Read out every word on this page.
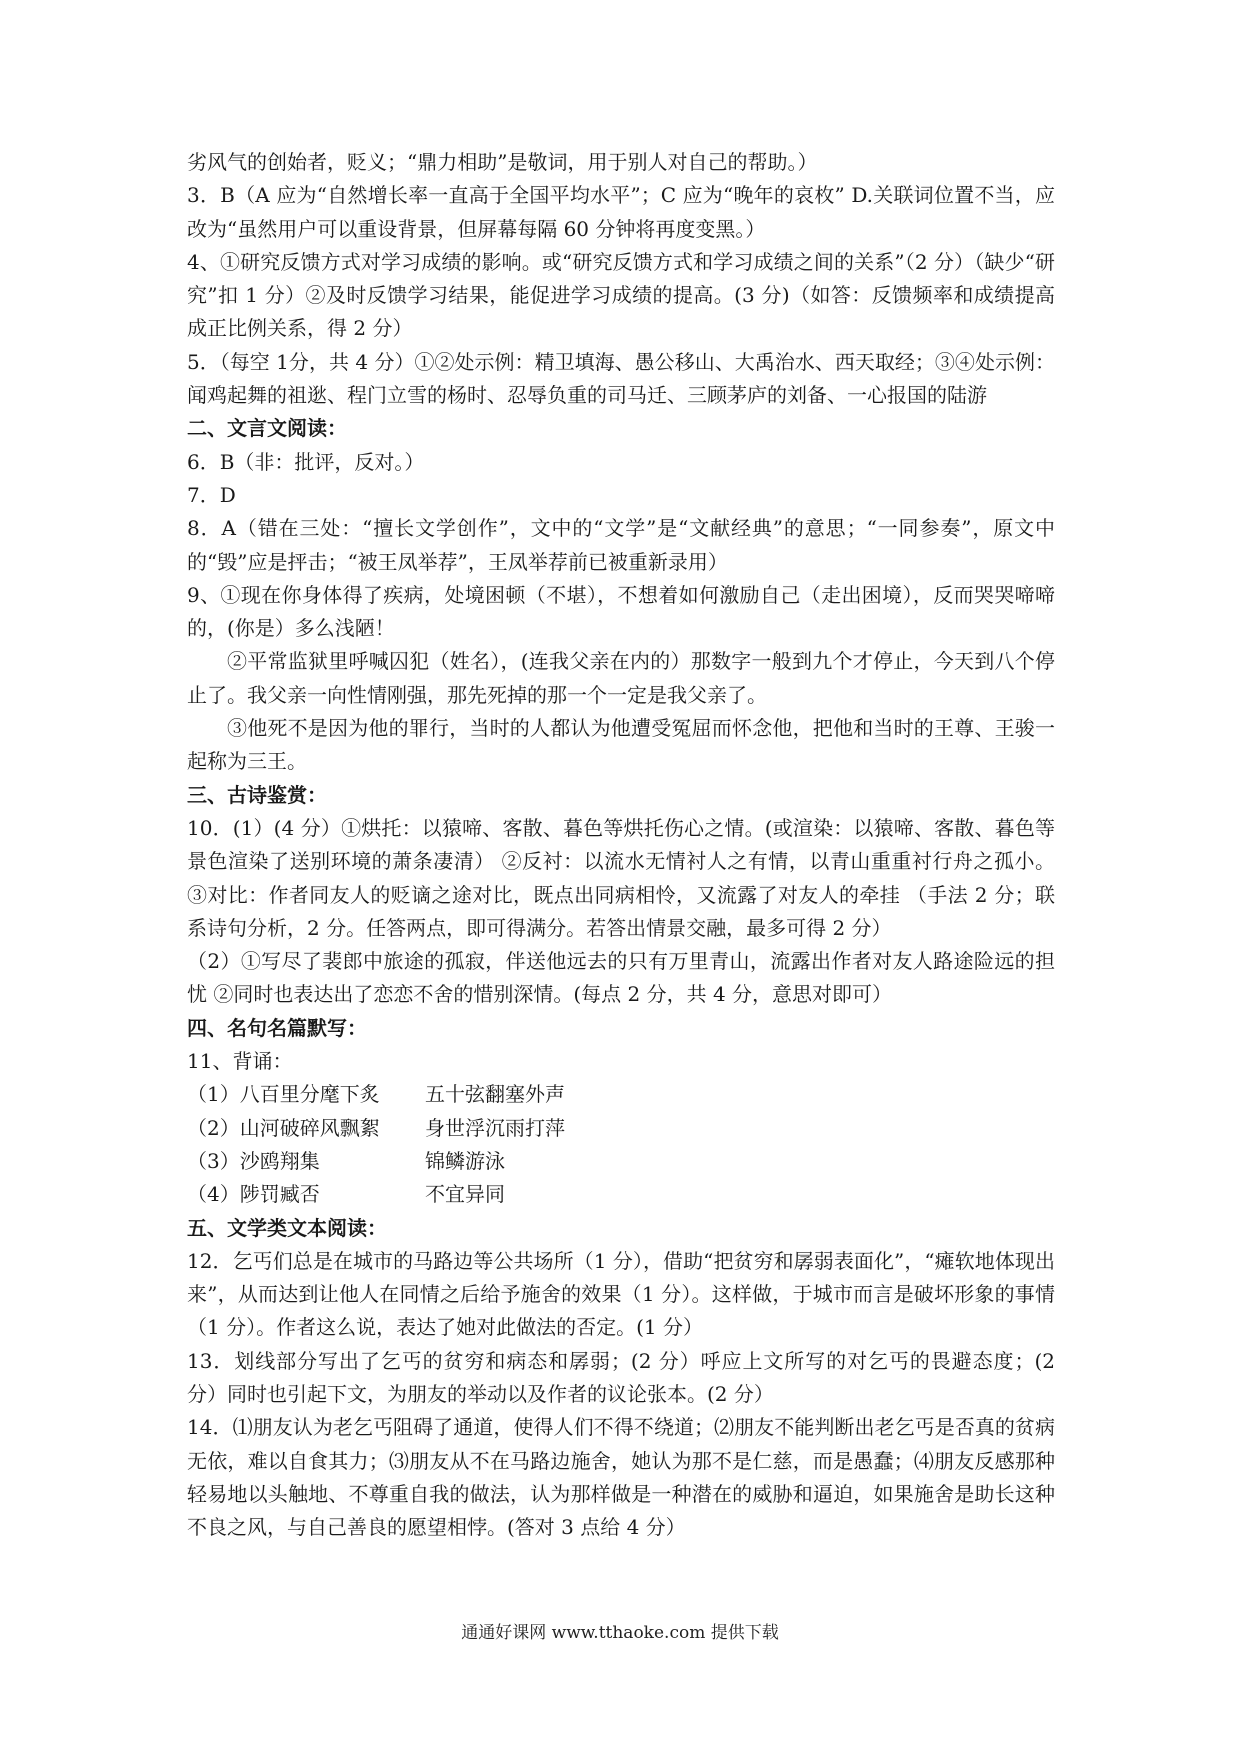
劣风气的创始者，贬义；“鼎力相助”是敬词，用于别人对自己的帮助。）

3．B（A 应为“自然增长率一直高于全国平均水平”；C 应为“晚年的哀枚” D.关联词位置不当，应改为“虽然用户可以重设背景，但屏幕每隔 60 分钟将再度变黑。）

4、①研究反馈方式对学习成绩的影响。或“研究反馈方式和学习成绩之间的关系”（2 分）（缺少“研究”扣 1 分）②及时反馈学习结果，能促进学习成绩的提高。(3 分)（如答：反馈频率和成绩提高成正比例关系，得 2 分）

5．（每空 1分，共 4 分）①②处示例：精卫填海、愚公移山、大禹治水、西天取经；③④处示例：闻鸡起舞的祖逖、程门立雪的杨时、忍辱负重的司马迁、三顾茅庐的刘备、一心报国的陆游

二、文言文阅读：

6．B（非：批评，反对。）

7．D

8．A（错在三处：“擅长文学创作”，文中的“文学”是“文献经典”的意思；“一同参奏”，原文中的“毁”应是抨击；“被王凤举荐”，王凤举荐前已被重新录用）

9、①现在你身体得了疾病，处境困顿（不堪），不想着如何激励自己（走出困境），反而哭哭啼啼的，(你是）多么浅陋！

②平常监狱里呼喊囚犯（姓名），(连我父亲在内的）那数字一般到九个才停止，今天到八个停止了。我父亲一向性情刚强，那先死掉的那一个一定是我父亲了。

③他死不是因为他的罪行，当时的人都认为他遭受冤屈而怀念他，把他和当时的王尊、王骏一起称为三王。

三、古诗鉴赏：

10．(1）(4 分）①烘托：以猿啼、客散、暮色等烘托伤心之情。(或渲染：以猿啼、客散、暮色等景色渲染了送别环境的萧条凄清） ②反衬：以流水无情衬人之有情，以青山重重衬行舟之孤小。 ③对比：作者同友人的贬谪之途对比，既点出同病相怜，又流露了对友人的牵挂 （手法 2 分；联系诗句分析，2 分。任答两点，即可得满分。若答出情景交融，最多可得 2 分）

（2）①写尽了裴郎中旅途的孤寂，伴送他远去的只有万里青山，流露出作者对友人路途险远的担忧 ②同时也表达出了恋恋不舍的惜别深情。(每点 2 分，共 4 分，意思对即可）

四、名句名篇默写：

11、背诵：

（1）八百里分麾下炙	五十弦翻塞外声
（2）山河破碎风飘絮	身世浮沉雨打萍
（3）沙鸥翔集	锦鳞游泳
（4）陟罚臧否	不宜异同

五、文学类文本阅读：

12．乞丐们总是在城市的马路边等公共场所（1 分），借助“把贫穷和孱弱表面化”，“瘫软地体现出来”，从而达到让他人在同情之后给予施舍的效果（1 分）。这样做，于城市而言是破坏形象的事情（1 分）。作者这么说，表达了她对此做法的否定。(1 分）

13．划线部分写出了乞丐的贫穷和病态和孱弱；(2 分）呼应上文所写的对乞丐的畏避态度；(2 分）同时也引起下文，为朋友的举动以及作者的议论张本。(2 分）

14．⑴朋友认为老乞丐阻碍了通道，使得人们不得不绕道；⑵朋友不能判断出老乞丐是否真的贫病无依，难以自食其力；⑶朋友从不在马路边施舍，她认为那不是仁慈，而是愚蠢；⑷朋友反感那种轻易地以头触地、不尊重自我的做法，认为那样做是一种潜在的威胁和逼迫，如果施舍是助长这种不良之风，与自己善良的愿望相悖。(答对 3 点给 4 分）

通通好课网 www.tthaoke.com 提供下载
